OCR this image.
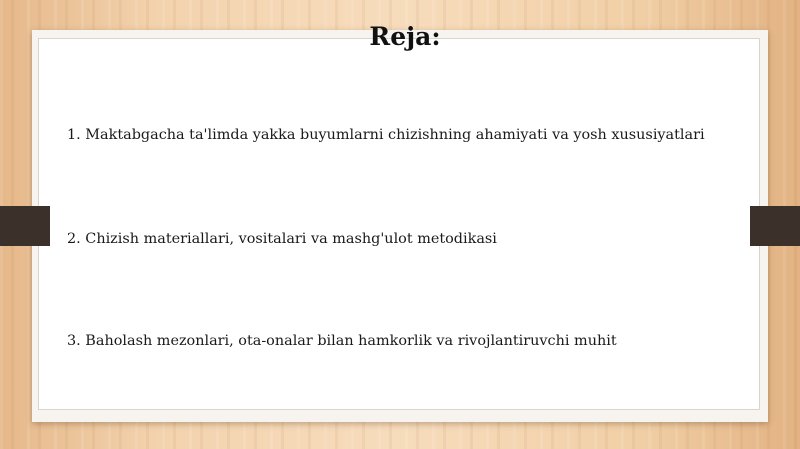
Reja:
1. Maktabgacha ta'limda yakka buyumlarni chizishning ahamiyati va yosh xususiyatlari
2. Chizish materiallari, vositalari va mashg'ulot metodikasi
3. Baholash mezonlari, ota-onalar bilan hamkorlik va rivojlantiruvchi muhit
